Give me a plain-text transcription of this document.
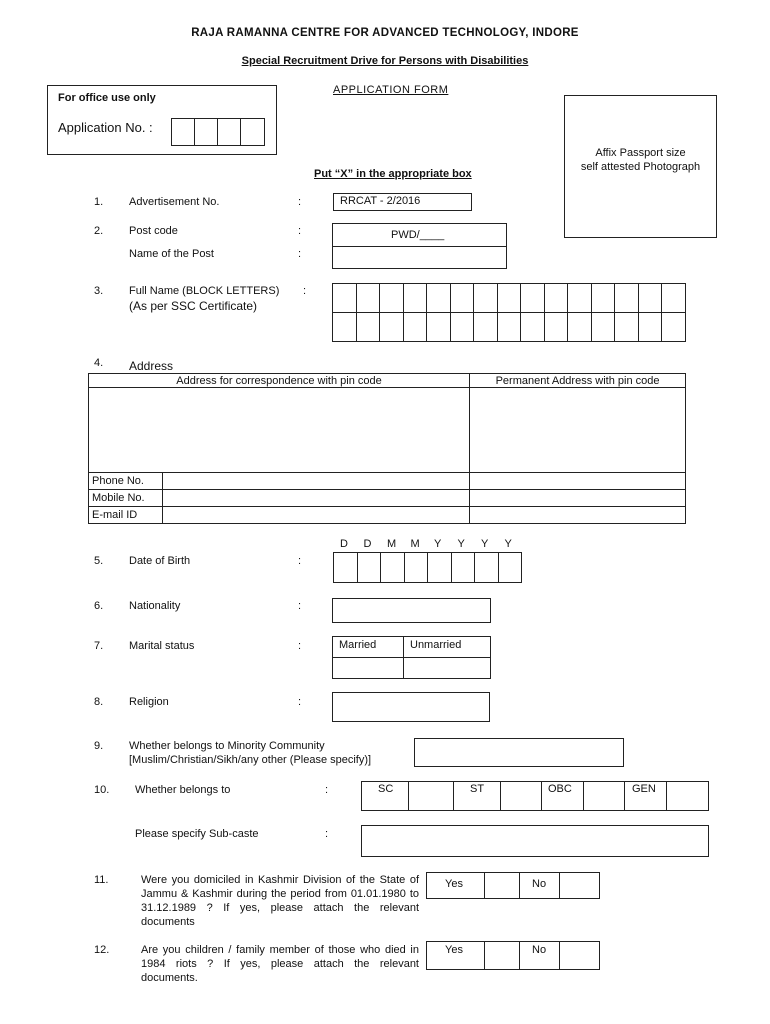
RAJA RAMANNA CENTRE FOR ADVANCED TECHNOLOGY, INDORE
Special Recruitment Drive for Persons with Disabilities
APPLICATION FORM
For office use only
Application No. :
Affix Passport size
self attested Photograph
Put “X” in the appropriate box
1. Advertisement No.	:	RRCAT - 2/2016
2. Post code	:	PWD/____
Name of the Post	:
3. Full Name (BLOCK LETTERS) :
(As per SSC Certificate)
4. Address
Address for correspondence with pin code		Permanent Address with pin code

Phone No.		
Mobile No.		
E-mail ID		
5. Date of Birth	:
D D M M Y Y Y Y
6. Nationality	:
7. Marital status	:	Married	Unmarried
8. Religion	:
9. Whether belongs to Minority Community
[Muslim/Christian/Sikh/any other (Please specify)]
10. Whether belongs to	:	SC	ST	OBC	GEN
Please specify Sub-caste	:
11.	Were you domiciled in Kashmir Division of the State of Jammu & Kashmir during the period from 01.01.1980 to 31.12.1989 ? If yes, please attach the relevant documents
Yes	No
12.	Are you children / family member of those who died in 1984 riots ? If yes, please attach the relevant documents.
Yes	No
